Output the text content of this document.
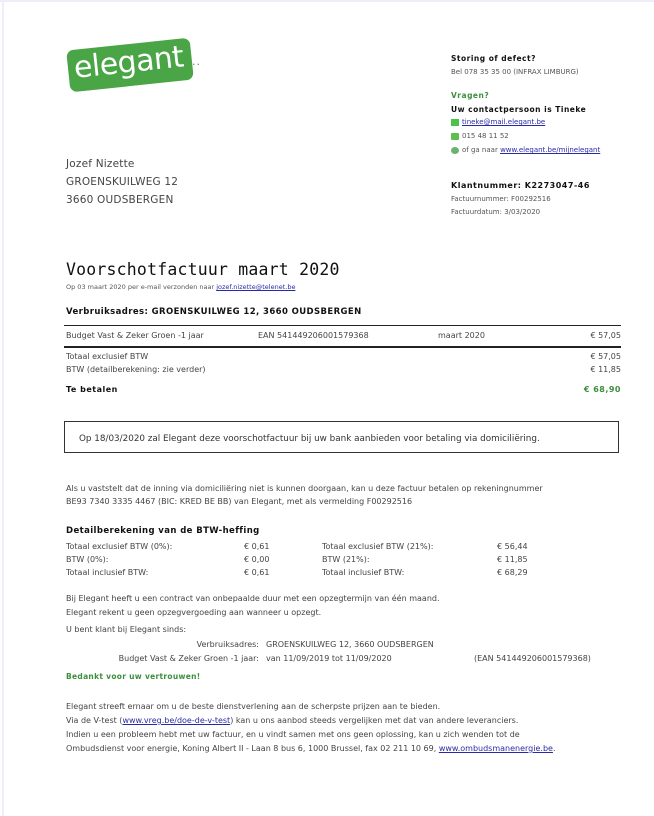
elegant ··	Storing of defect?
Bel 078 35 35 00 (INFRAX LIMBURG)
Vragen?
Uw contactpersoon is Tineke
tineke@mail.elegant.be
015 48 11 52
of ga naar www.elegant.be/mijnelegant
Jozef Nizette
GROENSKUILWEG 12
3660 OUDSBERGEN
Klantnummer: K2273047-46
Factuurnummer: F00292516
Factuurdatum: 3/03/2020
Voorschotfactuur maart 2020
Op 03 maart 2020 per e-mail verzonden naar jozef.nizette@telenet.be
Verbruiksadres: GROENSKUILWEG 12, 3660 OUDSBERGEN
Budget Vast & Zeker Groen -1 jaar	EAN 541449206001579368	maart 2020	€ 57,05
Totaal exclusief BTW	€ 57,05
BTW (detailberekening: zie verder)	€ 11,85
Te betalen	€ 68,90
Op 18/03/2020 zal Elegant deze voorschotfactuur bij uw bank aanbieden voor betaling via domiciliëring.
Als u vaststelt dat de inning via domiciliëring niet is kunnen doorgaan, kan u deze factuur betalen op rekeningnummer
BE93 7340 3335 4467 (BIC: KRED BE BB) van Elegant, met als vermelding F00292516
Detailberekening van de BTW-heffing
Totaal exclusief BTW (0%):	€ 0,61
BTW (0%):	€ 0,00
Totaal inclusief BTW:	€ 0,61
Totaal exclusief BTW (21%):	€ 56,44
BTW (21%):	€ 11,85
Totaal inclusief BTW:	€ 68,29
Bij Elegant heeft u een contract van onbepaalde duur met een opzegtermijn van één maand.
Elegant rekent u geen opzegvergoeding aan wanneer u opzegt.
U bent klant bij Elegant sinds:
Verbruiksadres: GROENSKUILWEG 12, 3660 OUDSBERGEN
Budget Vast & Zeker Groen -1 jaar: van 11/09/2019 tot 11/09/2020	(EAN 541449206001579368)
Bedankt voor uw vertrouwen!
Elegant streeft ernaar om u de beste dienstverlening aan de scherpste prijzen aan te bieden.
Via de V-test (www.vreg.be/doe-de-v-test) kan u ons aanbod steeds vergelijken met dat van andere leveranciers.
Indien u een probleem hebt met uw factuur, en u vindt samen met ons geen oplossing, kan u zich wenden tot de
Ombudsdienst voor energie, Koning Albert II - Laan 8 bus 6, 1000 Brussel, fax 02 211 10 69, www.ombudsmanenergie.be.
